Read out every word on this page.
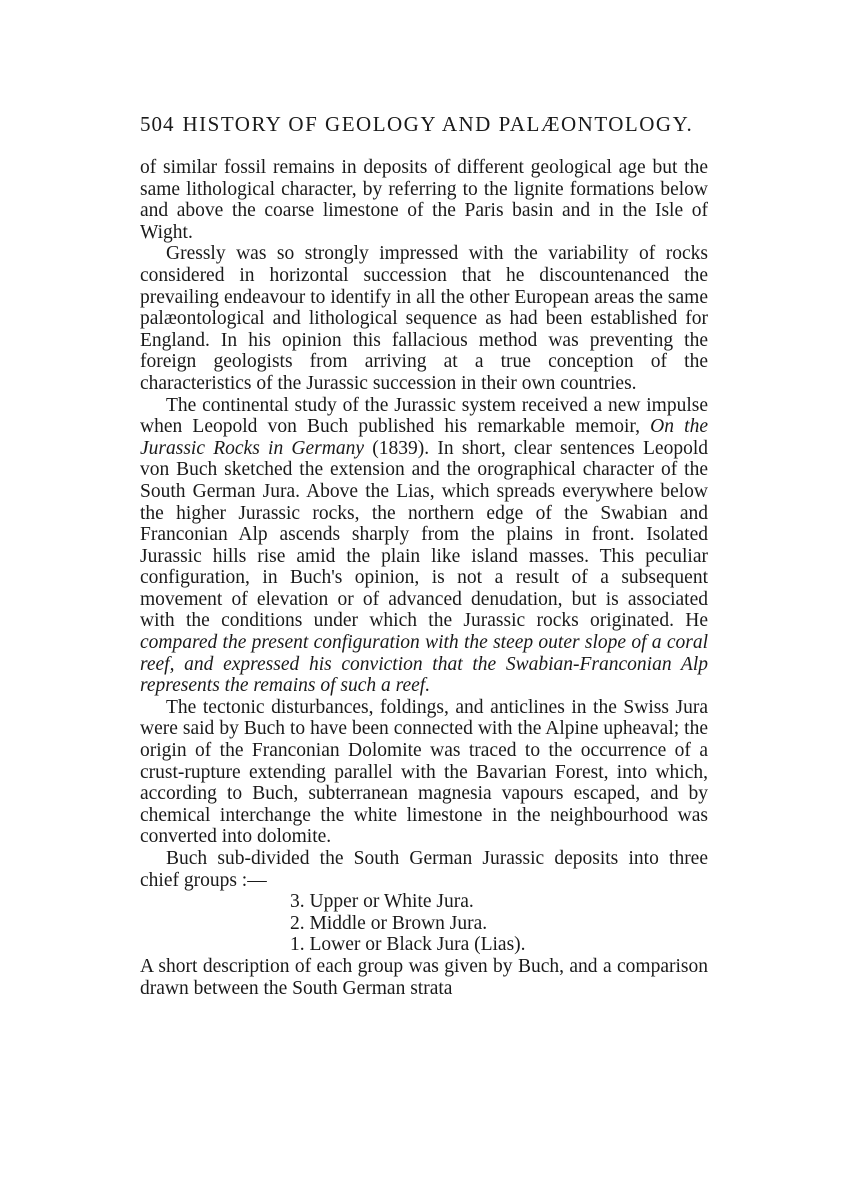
504 HISTORY OF GEOLOGY AND PALÆONTOLOGY.

of similar fossil remains in deposits of different geological age but the same lithological character, by referring to the lignite formations below and above the coarse limestone of the Paris basin and in the Isle of Wight.

Gressly was so strongly impressed with the variability of rocks considered in horizontal succession that he discountenanced the prevailing endeavour to identify in all the other European areas the same palæontological and lithological sequence as had been established for England. In his opinion this fallacious method was preventing the foreign geologists from arriving at a true conception of the characteristics of the Jurassic succession in their own countries.

The continental study of the Jurassic system received a new impulse when Leopold von Buch published his remarkable memoir, On the Jurassic Rocks in Germany (1839). In short, clear sentences Leopold von Buch sketched the extension and the orographical character of the South German Jura. Above the Lias, which spreads everywhere below the higher Jurassic rocks, the northern edge of the Swabian and Franconian Alp ascends sharply from the plains in front. Isolated Jurassic hills rise amid the plain like island masses. This peculiar configuration, in Buch's opinion, is not a result of a subsequent movement of elevation or of advanced denudation, but is associated with the conditions under which the Jurassic rocks originated. He compared the present configuration with the steep outer slope of a coral reef, and expressed his conviction that the Swabian-Franconian Alp represents the remains of such a reef.

The tectonic disturbances, foldings, and anticlines in the Swiss Jura were said by Buch to have been connected with the Alpine upheaval; the origin of the Franconian Dolomite was traced to the occurrence of a crust-rupture extending parallel with the Bavarian Forest, into which, according to Buch, subterranean magnesia vapours escaped, and by chemical interchange the white limestone in the neighbourhood was converted into dolomite.

Buch sub-divided the South German Jurassic deposits into three chief groups :—

3. Upper or White Jura.
2. Middle or Brown Jura.
1. Lower or Black Jura (Lias).

A short description of each group was given by Buch, and a comparison drawn between the South German strata
